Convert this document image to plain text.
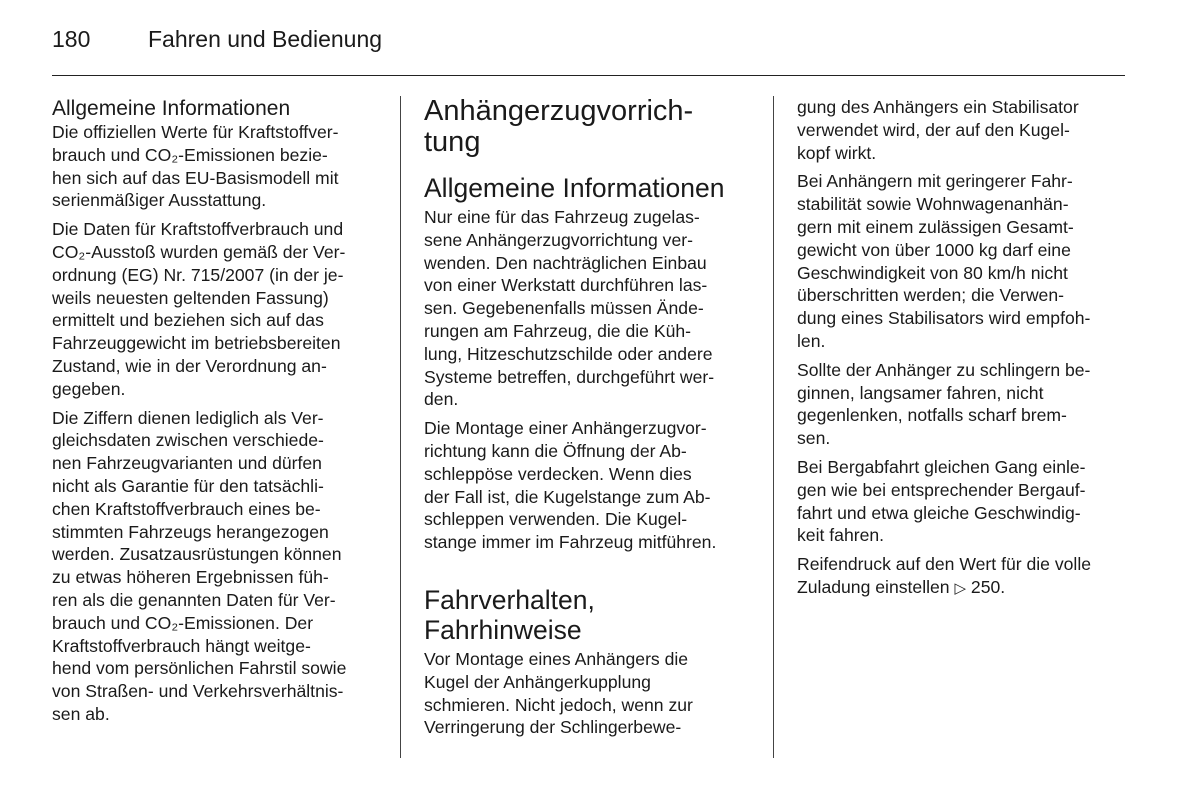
180	Fahren und Bedienung
Allgemeine Informationen

Die offiziellen Werte für Kraftstoffver-
brauch und CO₂-Emissionen bezie-
hen sich auf das EU-Basismodell mit
serienmäßiger Ausstattung.

Die Daten für Kraftstoffverbrauch und
CO₂-Ausstoß wurden gemäß der Ver-
ordnung (EG) Nr. 715/2007 (in der je-
weils neuesten geltenden Fassung)
ermittelt und beziehen sich auf das
Fahrzeuggewicht im betriebsbereiten
Zustand, wie in der Verordnung an-
gegeben.

Die Ziffern dienen lediglich als Ver-
gleichsdaten zwischen verschiede-
nen Fahrzeugvarianten und dürfen
nicht als Garantie für den tatsächli-
chen Kraftstoffverbrauch eines be-
stimmten Fahrzeugs herangezogen
werden. Zusatzausrüstungen können
zu etwas höheren Ergebnissen füh-
ren als die genannten Daten für Ver-
brauch und CO₂-Emissionen. Der
Kraftstoffverbrauch hängt weitge-
hend vom persönlichen Fahrstil sowie
von Straßen- und Verkehrsverhältnis-
sen ab.

Anhängerzugvorrich-
tung
Allgemeine Informationen

Nur eine für das Fahrzeug zugelas-
sene Anhängerzugvorrichtung ver-
wenden. Den nachträglichen Einbau
von einer Werkstatt durchführen las-
sen. Gegebenenfalls müssen Ände-
rungen am Fahrzeug, die die Küh-
lung, Hitzeschutzschilde oder andere
Systeme betreffen, durchgeführt wer-
den.

Die Montage einer Anhängerzugvor-
richtung kann die Öffnung der Ab-
schleppöse verdecken. Wenn dies
der Fall ist, die Kugelstange zum Ab-
schleppen verwenden. Die Kugel-
stange immer im Fahrzeug mitführen.

Fahrverhalten,
Fahrhinweise

Vor Montage eines Anhängers die
Kugel der Anhängerkupplung
schmieren. Nicht jedoch, wenn zur
Verringerung der Schlingerbewe-

gung des Anhängers ein Stabilisator
verwendet wird, der auf den Kugel-
kopf wirkt.

Bei Anhängern mit geringerer Fahr-
stabilität sowie Wohnwagenanhän-
gern mit einem zulässigen Gesamt-
gewicht von über 1000 kg darf eine
Geschwindigkeit von 80 km/h nicht
überschritten werden; die Verwen-
dung eines Stabilisators wird empfoh-
len.

Sollte der Anhänger zu schlingern be-
ginnen, langsamer fahren, nicht
gegenlenken, notfalls scharf brem-
sen.

Bei Bergabfahrt gleichen Gang einle-
gen wie bei entsprechender Bergauf-
fahrt und etwa gleiche Geschwindig-
keit fahren.

Reifendruck auf den Wert für die volle
Zuladung einstellen ▷ 250.
